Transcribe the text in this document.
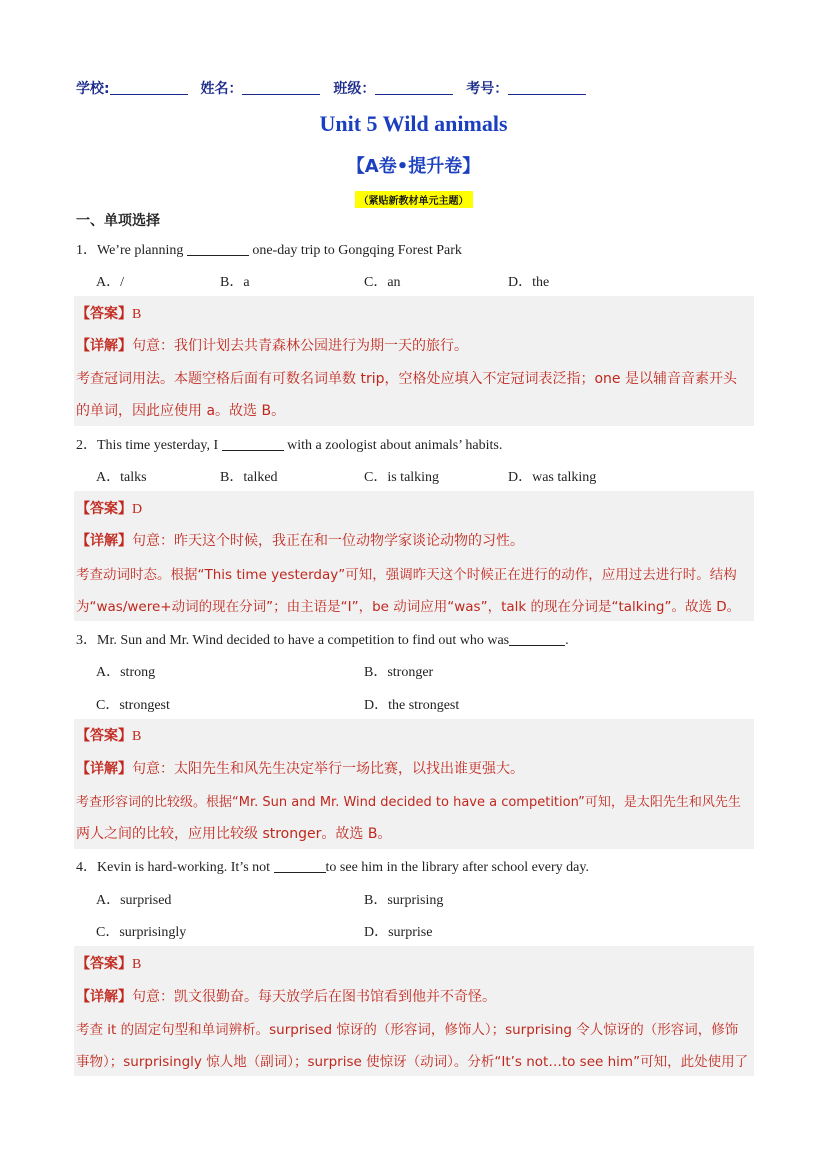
学校:	姓名：	班级：	考号：
Unit 5 Wild animals
【A卷•提升卷】
（紧贴新教材单元主题）
一、单项选择
1．We’re planning	one-day trip to Gongqing Forest Park
A．/	B．a	C．an	D．the
【答案】B
【详解】句意：我们计划去共青森林公园进行为期一天的旅行。
考查冠词用法。本题空格后面有可数名词单数 trip，空格处应填入不定冠词表泛指；one 是以辅音音素开头
的单词，因此应使用 a。故选 B。
2．This time yesterday, I	with a zoologist about animals’ habits.
A．talks	B．talked	C．is talking	D．was talking
【答案】D
【详解】句意：昨天这个时候，我正在和一位动物学家谈论动物的习性。
考查动词时态。根据“This time yesterday”可知，强调昨天这个时候正在进行的动作，应用过去进行时。结构
为“was/were+动词的现在分词”；由主语是“I”，be 动词应用“was”，talk 的现在分词是“talking”。故选 D。
3．Mr. Sun and Mr. Wind decided to have a competition to find out who was	.
A．strong	B．stronger
C．strongest	D．the strongest
【答案】B
【详解】句意：太阳先生和风先生决定举行一场比赛，以找出谁更强大。
考查形容词的比较级。根据“Mr. Sun and Mr. Wind decided to have a competition”可知，是太阳先生和风先生
两人之间的比较，应用比较级 stronger。故选 B。
4．Kevin is hard-working. It’s not	to see him in the library after school every day.
A．surprised	B．surprising
C．surprisingly	D．surprise
【答案】B
【详解】句意：凯文很勤奋。每天放学后在图书馆看到他并不奇怪。
考查 it 的固定句型和单词辨析。surprised 惊讶的（形容词，修饰人）；surprising 令人惊讶的（形容词，修饰
事物）；surprisingly 惊人地（副词）；surprise 使惊讶（动词）。分析“It’s not…to see him”可知，此处使用了
